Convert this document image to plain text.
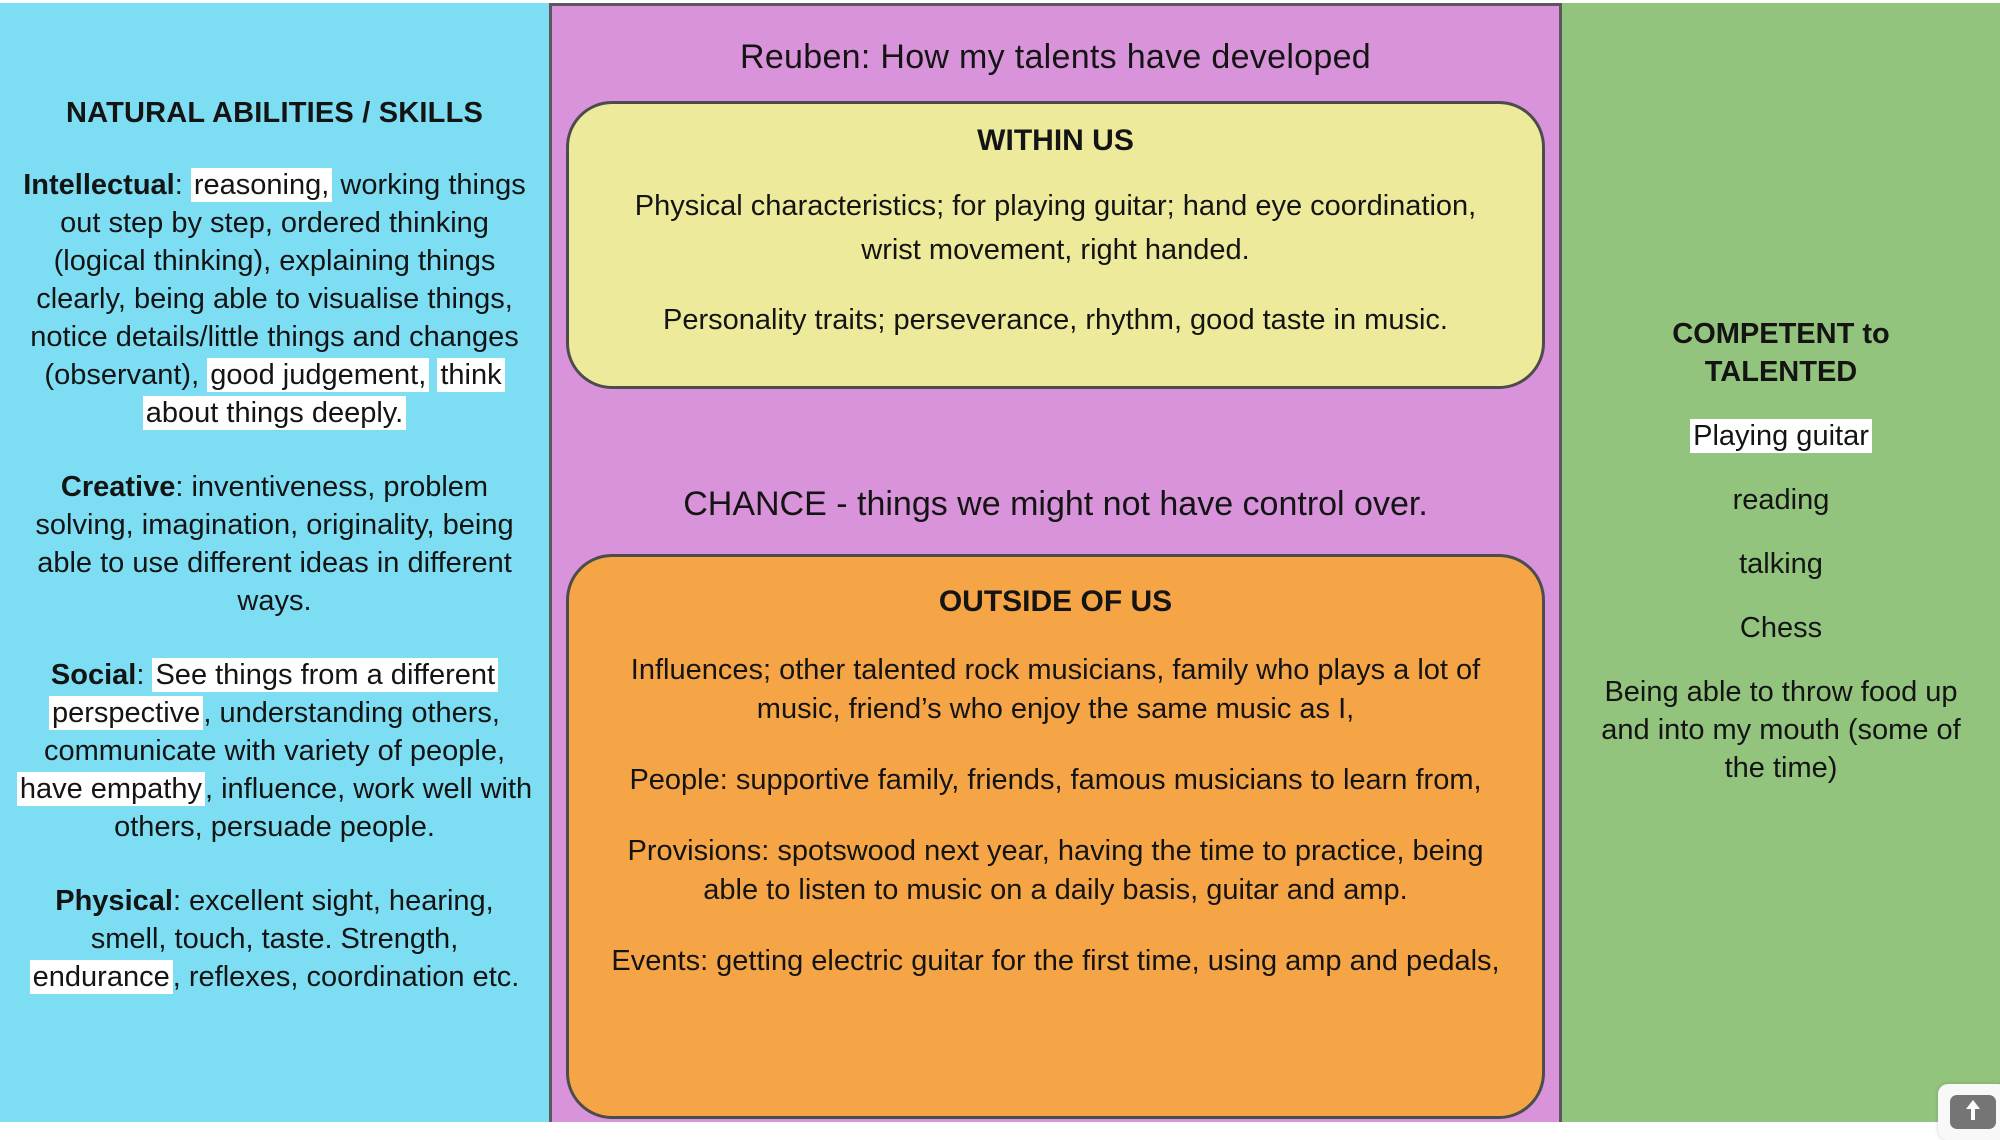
NATURAL ABILITIES / SKILLS

Intellectual: reasoning, working things out step by step, ordered thinking (logical thinking), explaining things clearly, being able to visualise things, notice details/little things and changes (observant), good judgement, think about things deeply.

Creative: inventiveness, problem solving, imagination, originality, being able to use different ideas in different ways.

Social: See things from a different perspective , understanding others, communicate with variety of people, have empathy , influence, work well with others, persuade people.

Physical: excellent sight, hearing, smell, touch, taste. Strength, endurance , reflexes, coordination etc.

Reuben: How my talents have developed
WITHIN US

Physical characteristics; for playing guitar; hand eye coordination, wrist movement, right handed.

Personality traits; perseverance, rhythm, good taste in music.

CHANCE - things we might not have control over.
OUTSIDE OF US

Influences; other talented rock musicians, family who plays a lot of music, friend’s who enjoy the same music as I,

People: supportive family, friends, famous musicians to learn from,

Provisions: spotswood next year, having the time to practice, being able to listen to music on a daily basis, guitar and amp.

Events: getting electric guitar for the first time, using amp and pedals,

COMPETENT to
TALENTED
Playing guitar
reading
talking
Chess
Being able to throw food up and into my mouth (some of the time)
